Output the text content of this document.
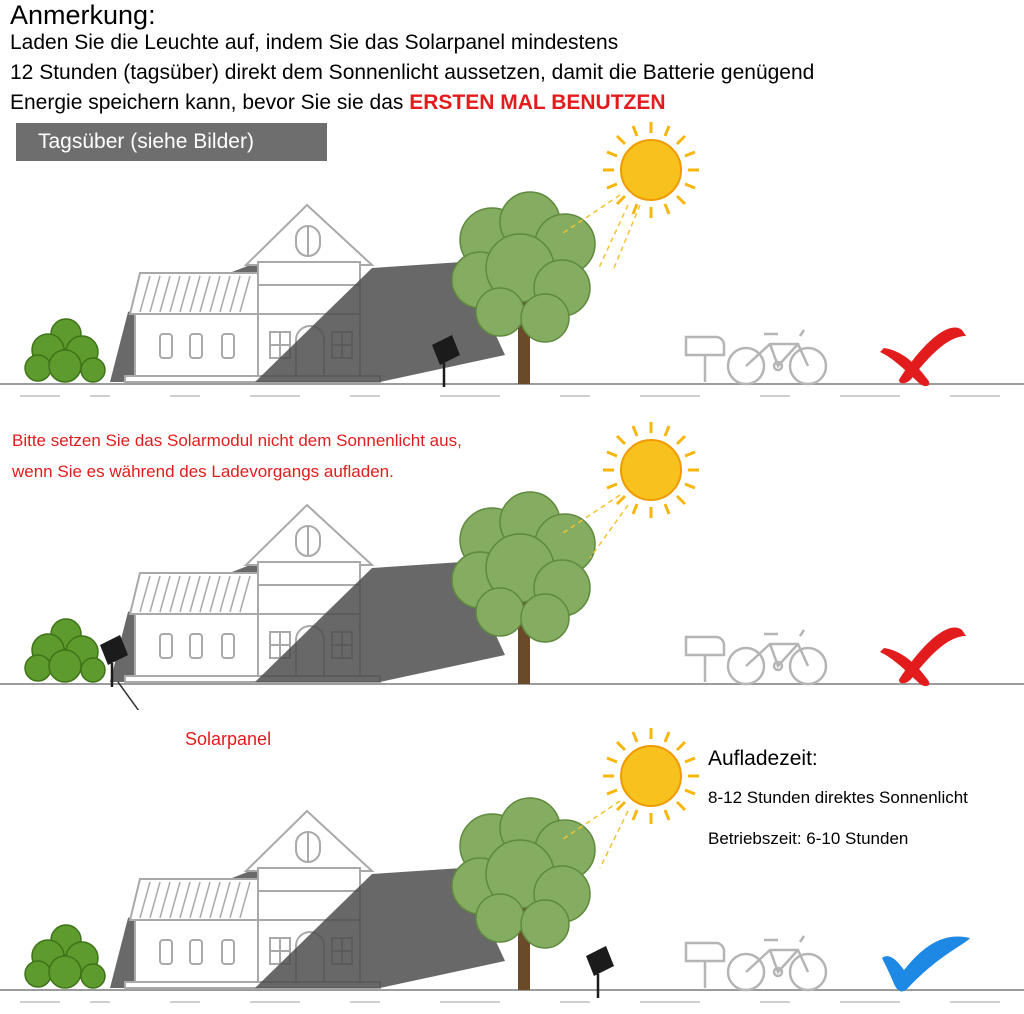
Anmerkung:
Laden Sie die Leuchte auf, indem Sie das Solarpanel mindestens
12 Stunden (tagsüber) direkt dem Sonnenlicht aussetzen, damit die Batterie genügend
Energie speichern kann, bevor Sie sie das ERSTEN MAL BENUTZEN
Tagsüber (siehe Bilder)
Bitte setzen Sie das Solarmodul nicht dem Sonnenlicht aus,
wenn Sie es während des Ladevorgangs aufladen.
Solarpanel
Aufladezeit:
8-12 Stunden direktes Sonnenlicht
Betriebszeit: 6-10 Stunden
